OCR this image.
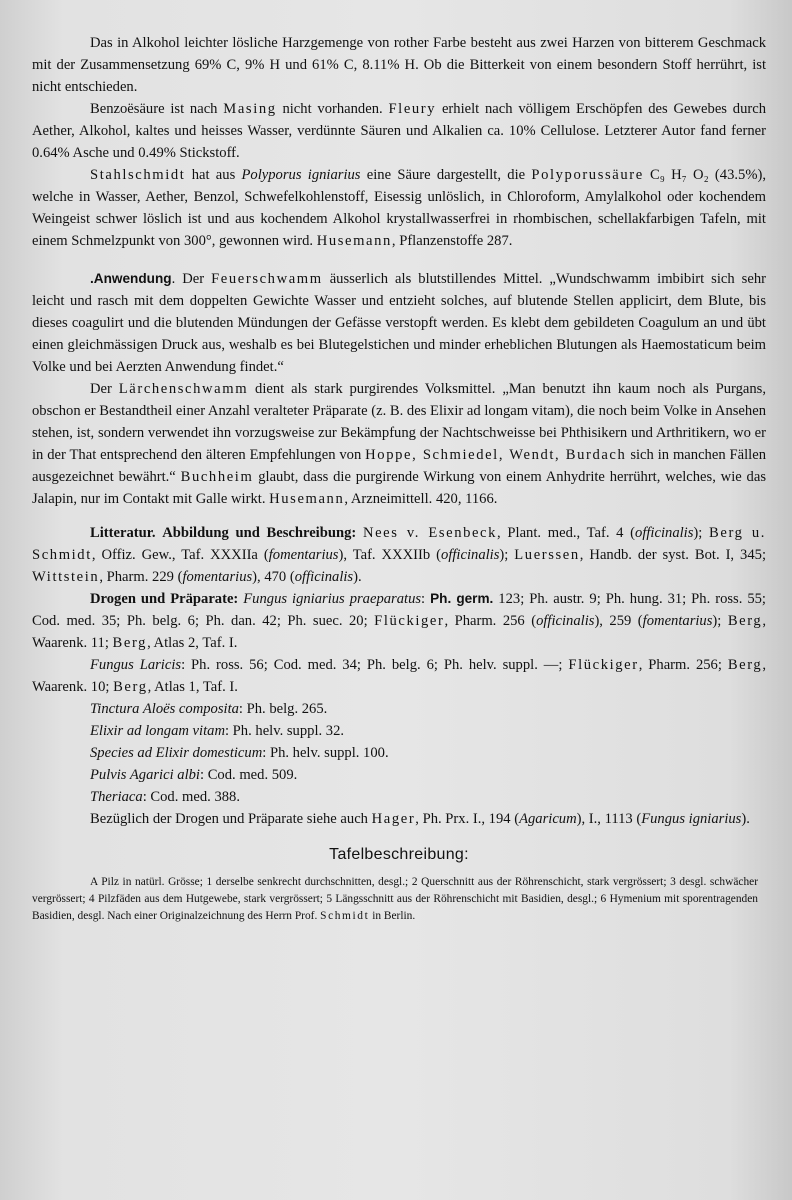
Das in Alkohol leichter lösliche Harzgemenge von rother Farbe besteht aus zwei Harzen von bitterem Geschmack mit der Zusammensetzung 69% C, 9% H und 61% C, 8.11% H. Ob die Bitterkeit von einem besondern Stoff herrührt, ist nicht entschieden.

Benzoësäure ist nach Masing nicht vorhanden. Fleury erhielt nach völligem Erschöpfen des Gewebes durch Aether, Alkohol, kaltes und heisses Wasser, verdünnte Säuren und Alkalien ca. 10% Cellulose. Letzterer Autor fand ferner 0.64% Asche und 0.49% Stickstoff.

Stahlschmidt hat aus Polyporus igniarius eine Säure dargestellt, die Polyporussäure C₉ H₇ O₂ (43.5%), welche in Wasser, Aether, Benzol, Schwefelkohlenstoff, Eisessig unlöslich, in Chloroform, Amylalkohol oder kochendem Weingeist schwer löslich ist und aus kochendem Alkohol krystallwasserfrei in rhombischen, schellakfarbigen Tafeln, mit einem Schmelzpunkt von 300°, gewonnen wird. Husemann, Pflanzenstoffe 287.

.Anwendung. Der Feuerschwamm äusserlich als blutstillendes Mittel. „Wundschwamm imbibirt sich sehr leicht und rasch mit dem doppelten Gewichte Wasser und entzieht solches, auf blutende Stellen applicirt, dem Blute, bis dieses coagulirt und die blutenden Mündungen der Gefässe verstopft werden. Es klebt dem gebildeten Coagulum an und übt einen gleichmässigen Druck aus, weshalb es bei Blutegelstichen und minder erheblichen Blutungen als Haemostaticum beim Volke und bei Aerzten Anwendung findet.“

Der Lärchenschwamm dient als stark purgirendes Volksmittel. „Man benutzt ihn kaum noch als Purgans, obschon er Bestandtheil einer Anzahl veralteter Präparate (z. B. des Elixir ad longam vitam), die noch beim Volke in Ansehen stehen, ist, sondern verwendet ihn vorzugsweise zur Bekämpfung der Nachtschweisse bei Phthisikern und Arthritikern, wo er in der That entsprechend den älteren Empfehlungen von Hoppe, Schmiedel, Wendt, Burdach sich in manchen Fällen ausgezeichnet bewährt.“ Buchheim glaubt, dass die purgirende Wirkung von einem Anhydrite herrührt, welches, wie das Jalapin, nur im Contakt mit Galle wirkt. Husemann, Arzneimittell. 420, 1166.

Litteratur. Abbildung und Beschreibung: Nees v. Esenbeck, Plant. med., Taf. 4 (officinalis); Berg u. Schmidt, Offiz. Gew., Taf. XXXIIa (fomentarius), Taf. XXXIIb (officinalis); Luerssen, Handb. der syst. Bot. I, 345; Wittstein, Pharm. 229 (fomentarius), 470 (officinalis).

Drogen und Präparate: Fungus igniarius praeparatus: Ph. germ. 123; Ph. austr. 9; Ph. hung. 31; Ph. ross. 55; Cod. med. 35; Ph. belg. 6; Ph. dan. 42; Ph. suec. 20; Flückiger, Pharm. 256 (officinalis), 259 (fomentarius); Berg, Waarenk. 11; Berg, Atlas 2, Taf. I.

Fungus Laricis: Ph. ross. 56; Cod. med. 34; Ph. belg. 6; Ph. helv. suppl. —; Flückiger, Pharm. 256; Berg, Waarenk. 10; Berg, Atlas 1, Taf. I.

Tinctura Aloës composita: Ph. belg. 265.

Elixir ad longam vitam: Ph. helv. suppl. 32.

Species ad Elixir domesticum: Ph. helv. suppl. 100.

Pulvis Agarici albi: Cod. med. 509.

Theriaca: Cod. med. 388.

Bezüglich der Drogen und Präparate siehe auch Hager, Ph. Prx. I., 194 (Agaricum), I., 1113 (Fungus igniarius).

Tafelbeschreibung:

A Pilz in natürl. Grösse; 1 derselbe senkrecht durchschnitten, desgl.; 2 Querschnitt aus der Röhrenschicht, stark vergrössert; 3 desgl. schwächer vergrössert; 4 Pilzfäden aus dem Hutgewebe, stark vergrössert; 5 Längsschnitt aus der Röhrenschicht mit Basidien, desgl.; 6 Hymenium mit sporentragenden Basidien, desgl. Nach einer Originalzeichnung des Herrn Prof. Schmidt in Berlin.
